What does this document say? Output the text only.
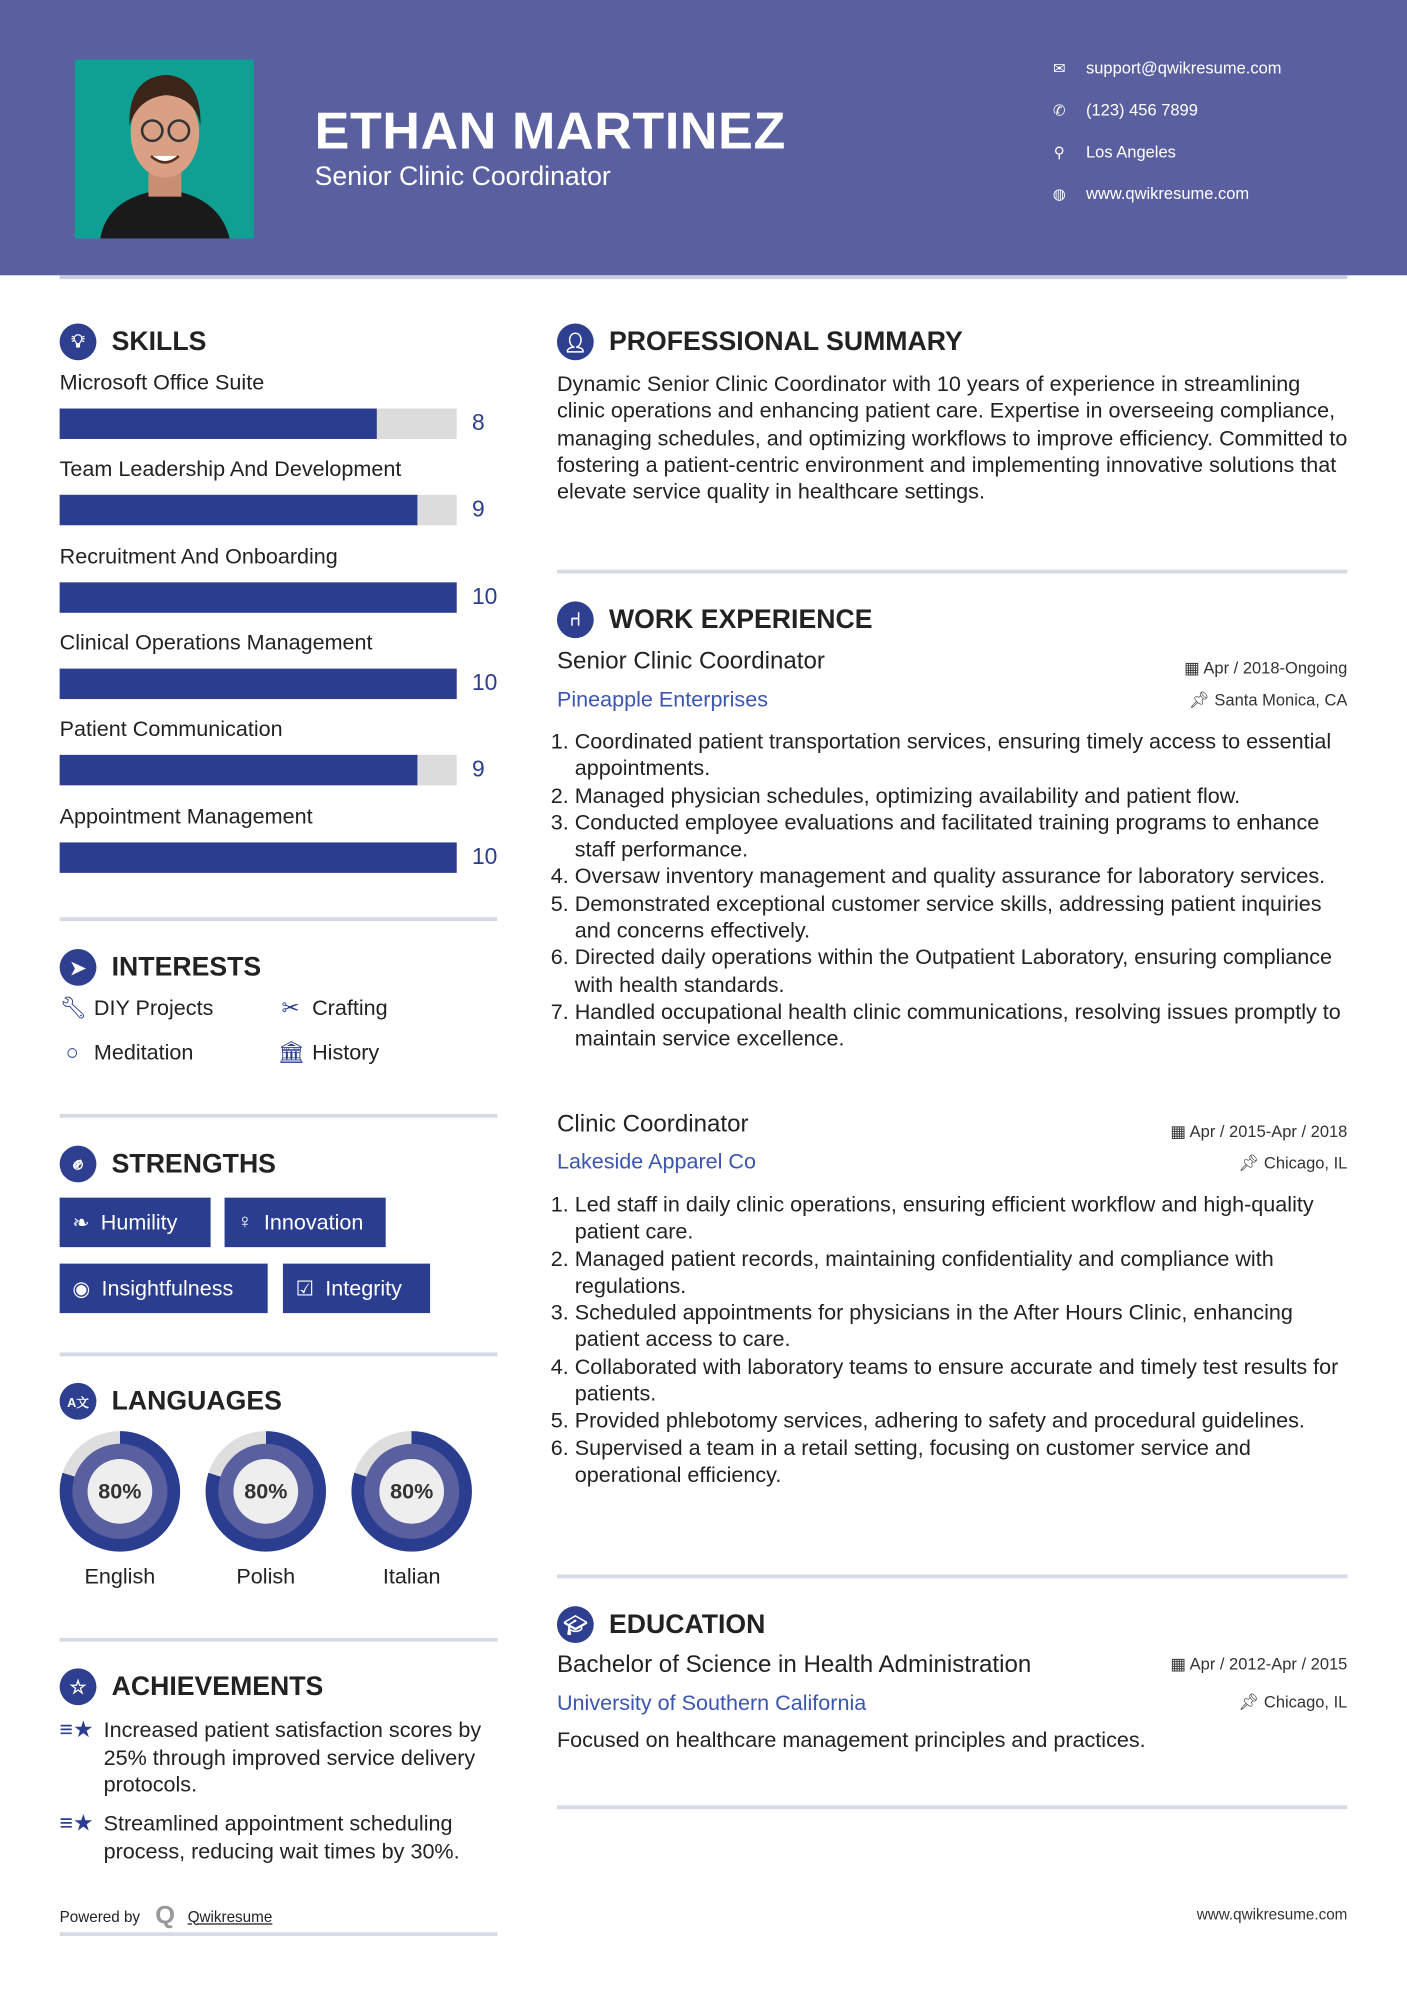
ETHAN MARTINEZ
Senior Clinic Coordinator
✉ support@qwikresume.com
✆ (123) 456 7899
⚲ Los Angeles
◍ www.qwikresume.com
💡︎	SKILLS
Microsoft Office Suite
8
Team Leadership And Development
9
Recruitment And Onboarding
10
Clinical Operations Management
10
Patient Communication
9
Appointment Management
10
➤	INTERESTS
🔧︎ DIY Projects	✂ Crafting
○ Meditation	🏛︎ History
✊︎	STRENGTHS
❧ Humility	♀ Innovation
◉ Insightfulness	☑ Integrity
A文	LANGUAGES
80%
English
80%
Polish
80%
Italian
☆	ACHIEVEMENTS
≡★ Increased patient satisfaction scores by 25% through improved service delivery protocols.
≡★ Streamlined appointment scheduling process, reducing wait times by 30%.
Powered by Q Qwikresume
👤︎	PROFESSIONAL SUMMARY
Dynamic Senior Clinic Coordinator with 10 years of experience in streamlining clinic operations and enhancing patient care. Expertise in overseeing compliance, managing schedules, and optimizing workflows to improve efficiency. Committed to fostering a patient-centric environment and implementing innovative solutions that elevate service quality in healthcare settings.
⑁	WORK EXPERIENCE
Senior Clinic Coordinator	▦ Apr / 2018-Ongoing
Pineapple Enterprises	📌︎ Santa Monica, CA
1. Coordinated patient transportation services, ensuring timely access to essential appointments.
2. Managed physician schedules, optimizing availability and patient flow.
3. Conducted employee evaluations and facilitated training programs to enhance staff performance.
4. Oversaw inventory management and quality assurance for laboratory services.
5. Demonstrated exceptional customer service skills, addressing patient inquiries and concerns effectively.
6. Directed daily operations within the Outpatient Laboratory, ensuring compliance with health standards.
7. Handled occupational health clinic communications, resolving issues promptly to maintain service excellence.
Clinic Coordinator	▦ Apr / 2015-Apr / 2018
Lakeside Apparel Co	📌︎ Chicago, IL
1. Led staff in daily clinic operations, ensuring efficient workflow and high-quality patient care.
2. Managed patient records, maintaining confidentiality and compliance with regulations.
3. Scheduled appointments for physicians in the After Hours Clinic, enhancing patient access to care.
4. Collaborated with laboratory teams to ensure accurate and timely test results for patients.
5. Provided phlebotomy services, adhering to safety and procedural guidelines.
6. Supervised a team in a retail setting, focusing on customer service and operational efficiency.
🎓︎	EDUCATION
Bachelor of Science in Health Administration	▦ Apr / 2012-Apr / 2015
University of Southern California	📌︎ Chicago, IL
Focused on healthcare management principles and practices.
www.qwikresume.com
